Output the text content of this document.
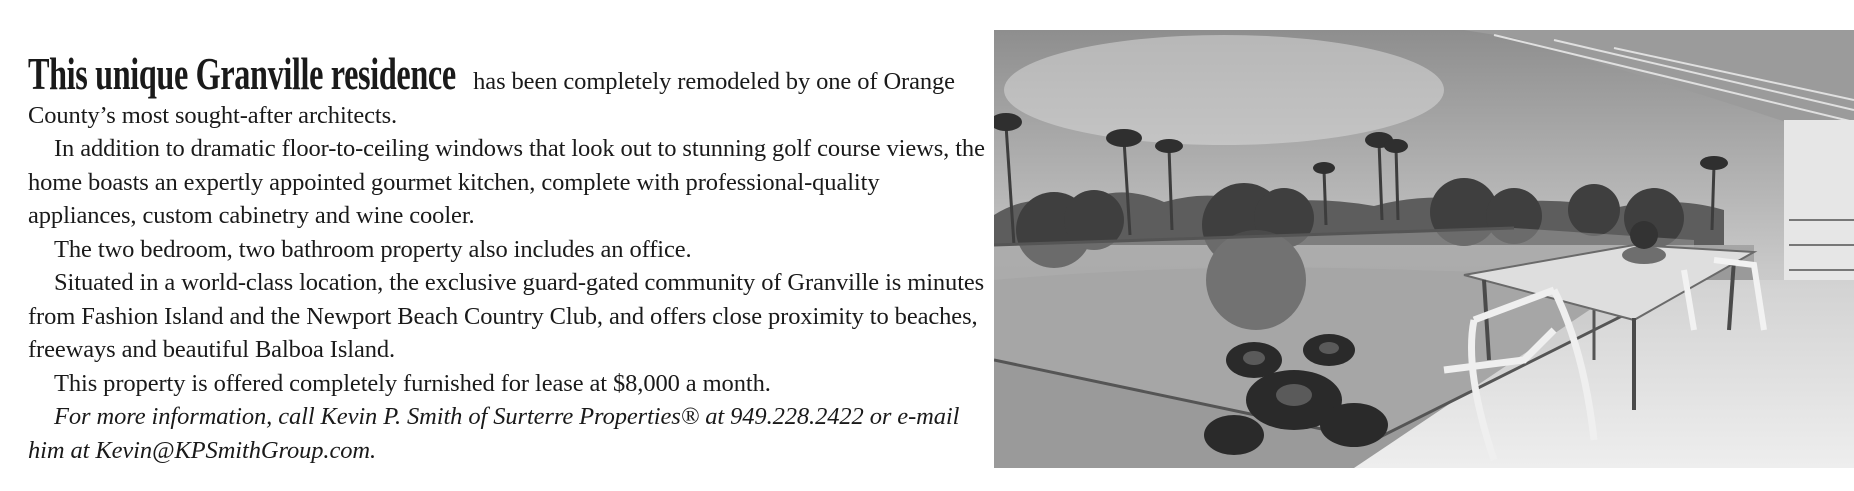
This unique Granville residence has been completely remodeled by one of Orange County’s most sought-after architects.

In addition to dramatic floor-to-ceiling windows that look out to stunning golf course views, the home boasts an expertly appointed gourmet kitchen, complete with professional-quality appliances, custom cabinetry and wine cooler.

The two bedroom, two bathroom property also includes an office.

Situated in a world-class location, the exclusive guard-gated community of Granville is minutes from Fashion Island and the Newport Beach Country Club, and offers close proximity to beaches, freeways and beautiful Balboa Island.

This property is offered completely furnished for lease at $8,000 a month.

For more information, call Kevin P. Smith of Surterre Properties® at 949.228.2422 or e-mail him at Kevin@KPSmithGroup.com.
